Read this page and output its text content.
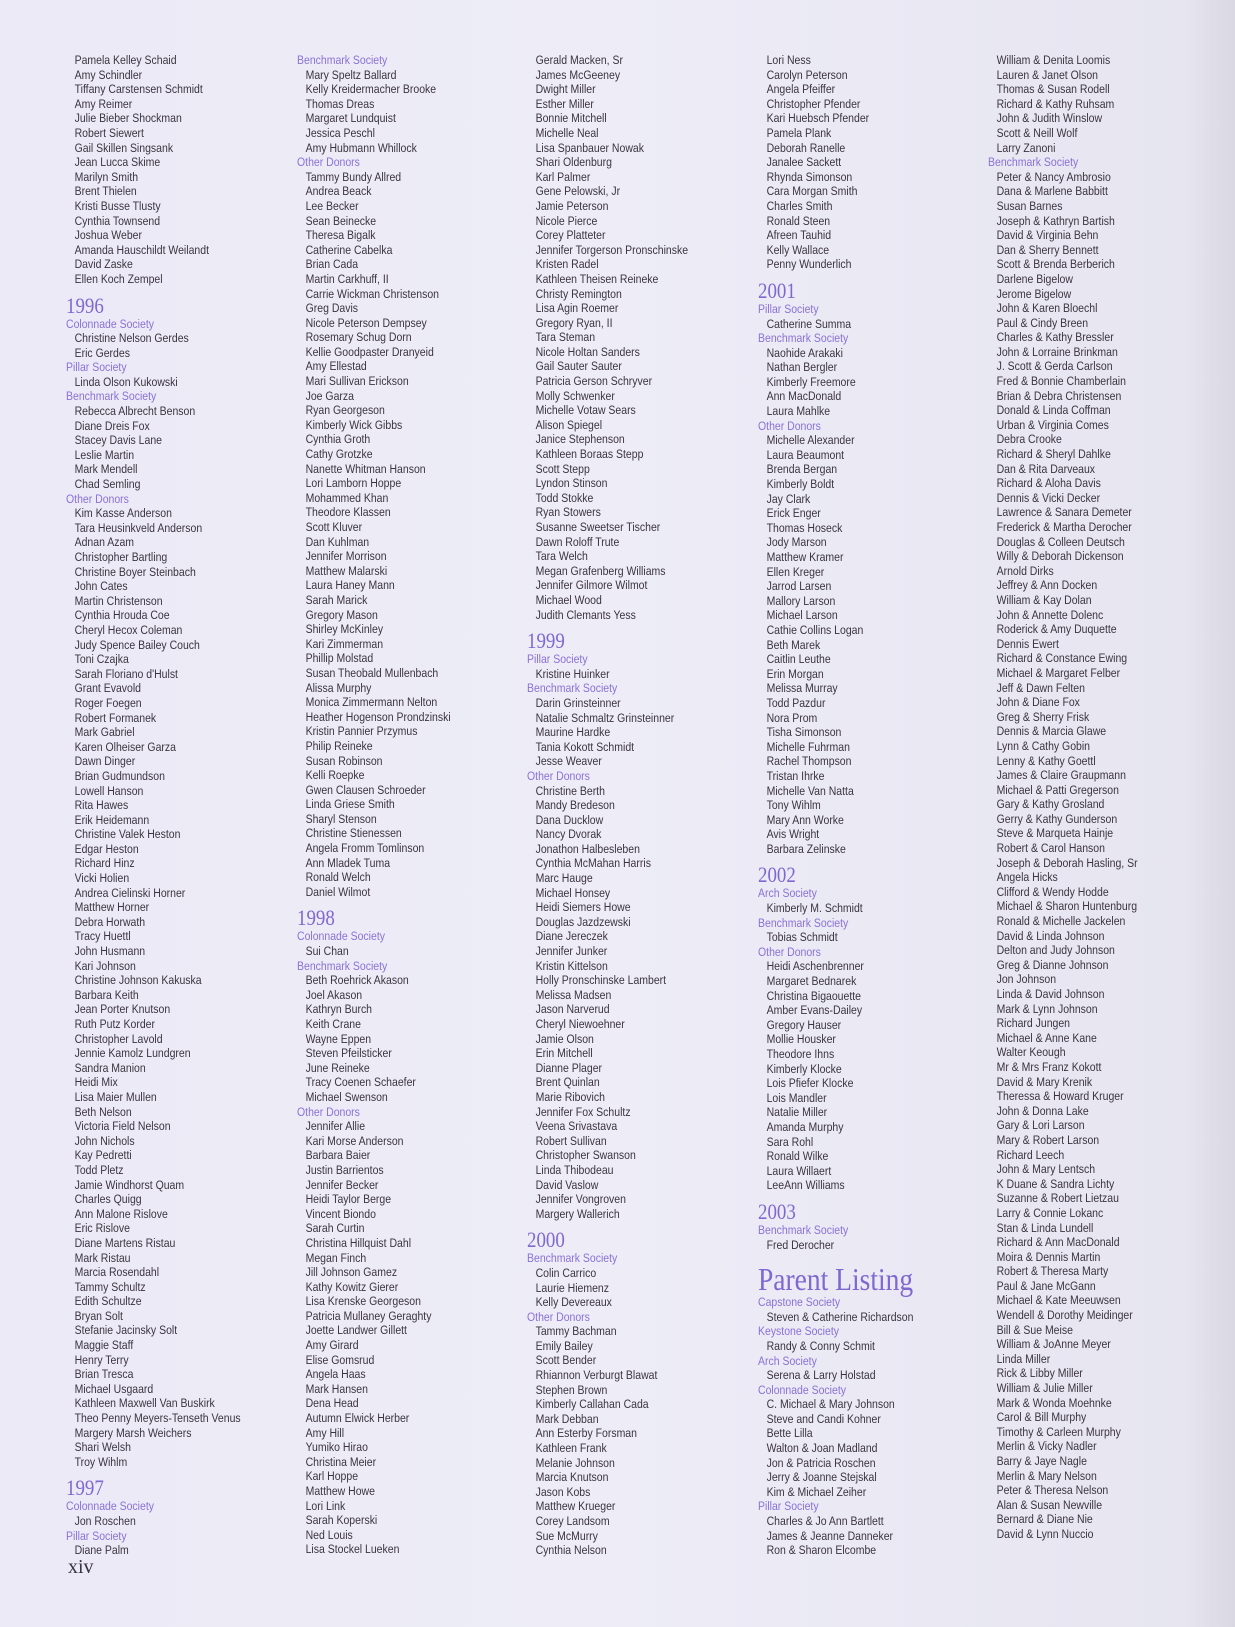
Pamela Kelley Schaid
Amy Schindler
Tiffany Carstensen Schmidt
Amy Reimer
Julie Bieber Shockman
Robert Siewert
Gail Skillen Singsank
Jean Lucca Skime
Marilyn Smith
Brent Thielen
Kristi Busse Tlusty
Cynthia Townsend
Joshua Weber
Amanda Hauschildt Weilandt
David Zaske
Ellen Koch Zempel
1996
Colonnade Society
Christine Nelson Gerdes
Eric Gerdes
Pillar Society
Linda Olson Kukowski
Benchmark Society
Rebecca Albrecht Benson
Diane Dreis Fox
Stacey Davis Lane
Leslie Martin
Mark Mendell
Chad Semling
Other Donors
Kim Kasse Anderson
Tara Heusinkveld Anderson
Adnan Azam
Christopher Bartling
Christine Boyer Steinbach
John Cates
Martin Christenson
Cynthia Hrouda Coe
Cheryl Hecox Coleman
Judy Spence Bailey Couch
Toni Czajka
Sarah Floriano d'Hulst
Grant Evavold
Roger Foegen
Robert Formanek
Mark Gabriel
Karen Olheiser Garza
Dawn Dinger
Brian Gudmundson
Lowell Hanson
Rita Hawes
Erik Heidemann
Christine Valek Heston
Edgar Heston
Richard Hinz
Vicki Holien
Andrea Cielinski Horner
Matthew Horner
Debra Horwath
Tracy Huettl
John Husmann
Kari Johnson
Christine Johnson Kakuska
Barbara Keith
Jean Porter Knutson
Ruth Putz Korder
Christopher Lavold
Jennie Kamolz Lundgren
Sandra Manion
Heidi Mix
Lisa Maier Mullen
Beth Nelson
Victoria Field Nelson
John Nichols
Kay Pedretti
Todd Pletz
Jamie Windhorst Quam
Charles Quigg
Ann Malone Rislove
Eric Rislove
Diane Martens Ristau
Mark Ristau
Marcia Rosendahl
Tammy Schultz
Edith Schultze
Bryan Solt
Stefanie Jacinsky Solt
Maggie Staff
Henry Terry
Brian Tresca
Michael Usgaard
Kathleen Maxwell Van Buskirk
Theo Penny Meyers-Tenseth Venus
Margery Marsh Weichers
Shari Welsh
Troy Wihlm
1997
Colonnade Society
Jon Roschen
Pillar Society
Diane Palm
Benchmark Society
Mary Speltz Ballard
Kelly Kreidermacher Brooke
Thomas Dreas
Margaret Lundquist
Jessica Peschl
Amy Hubmann Whillock
Other Donors
Tammy Bundy Allred
Andrea Beack
Lee Becker
Sean Beinecke
Theresa Bigalk
Catherine Cabelka
Brian Cada
Martin Carkhuff, II
Carrie Wickman Christenson
Greg Davis
Nicole Peterson Dempsey
Rosemary Schug Dorn
Kellie Goodpaster Dranyeid
Amy Ellestad
Mari Sullivan Erickson
Joe Garza
Ryan Georgeson
Kimberly Wick Gibbs
Cynthia Groth
Cathy Grotzke
Nanette Whitman Hanson
Lori Lamborn Hoppe
Mohammed Khan
Theodore Klassen
Scott Kluver
Dan Kuhlman
Jennifer Morrison
Matthew Malarski
Laura Haney Mann
Sarah Marick
Gregory Mason
Shirley McKinley
Kari Zimmerman
Phillip Molstad
Susan Theobald Mullenbach
Alissa Murphy
Monica Zimmermann Nelton
Heather Hogenson Prondzinski
Kristin Pannier Przymus
Philip Reineke
Susan Robinson
Kelli Roepke
Gwen Clausen Schroeder
Linda Griese Smith
Sharyl Stenson
Christine Stienessen
Angela Fromm Tomlinson
Ann Mladek Tuma
Ronald Welch
Daniel Wilmot
1998
Colonnade Society
Sui Chan
Benchmark Society
Beth Roehrick Akason
Joel Akason
Kathryn Burch
Keith Crane
Wayne Eppen
Steven Pfeilsticker
June Reineke
Tracy Coenen Schaefer
Michael Swenson
Other Donors
Jennifer Allie
Kari Morse Anderson
Barbara Baier
Justin Barrientos
Jennifer Becker
Heidi Taylor Berge
Vincent Biondo
Sarah Curtin
Christina Hillquist Dahl
Megan Finch
Jill Johnson Gamez
Kathy Kowitz Gierer
Lisa Krenske Georgeson
Patricia Mullaney Geraghty
Joette Landwer Gillett
Amy Girard
Elise Gomsrud
Angela Haas
Mark Hansen
Dena Head
Autumn Elwick Herber
Amy Hill
Yumiko Hirao
Christina Meier
Karl Hoppe
Matthew Howe
Lori Link
Sarah Koperski
Ned Louis
Lisa Stockel Lueken
Gerald Macken, Sr
James McGeeney
Dwight Miller
Esther Miller
Bonnie Mitchell
Michelle Neal
Lisa Spanbauer Nowak
Shari Oldenburg
Karl Palmer
Gene Pelowski, Jr
Jamie Peterson
Nicole Pierce
Corey Platteter
Jennifer Torgerson Pronschinske
Kristen Radel
Kathleen Theisen Reineke
Christy Remington
Lisa Agin Roemer
Gregory Ryan, II
Tara Steman
Nicole Holtan Sanders
Gail Sauter Sauter
Patricia Gerson Schryver
Molly Schwenker
Michelle Votaw Sears
Alison Spiegel
Janice Stephenson
Kathleen Boraas Stepp
Scott Stepp
Lyndon Stinson
Todd Stokke
Ryan Stowers
Susanne Sweetser Tischer
Dawn Roloff Trute
Tara Welch
Megan Grafenberg Williams
Jennifer Gilmore Wilmot
Michael Wood
Judith Clemants Yess
1999
Pillar Society
Kristine Huinker
Benchmark Society
Darin Grinsteinner
Natalie Schmaltz Grinsteinner
Maurine Hardke
Tania Kokott Schmidt
Jesse Weaver
Other Donors
Christine Berth
Mandy Bredeson
Dana Ducklow
Nancy Dvorak
Jonathon Halbesleben
Cynthia McMahan Harris
Marc Hauge
Michael Honsey
Heidi Siemers Howe
Douglas Jazdzewski
Diane Jereczek
Jennifer Junker
Kristin Kittelson
Holly Pronschinske Lambert
Melissa Madsen
Jason Narverud
Cheryl Niewoehner
Jamie Olson
Erin Mitchell
Dianne Plager
Brent Quinlan
Marie Ribovich
Jennifer Fox Schultz
Veena Srivastava
Robert Sullivan
Christopher Swanson
Linda Thibodeau
David Vaslow
Jennifer Vongroven
Margery Wallerich
2000
Benchmark Society
Colin Carrico
Laurie Hiemenz
Kelly Devereaux
Other Donors
Tammy Bachman
Emily Bailey
Scott Bender
Rhiannon Verburgt Blawat
Stephen Brown
Kimberly Callahan Cada
Mark Debban
Ann Esterby Forsman
Kathleen Frank
Melanie Johnson
Marcia Knutson
Jason Kobs
Matthew Krueger
Corey Landsom
Sue McMurry
Cynthia Nelson
Lori Ness
Carolyn Peterson
Angela Pfeiffer
Christopher Pfender
Kari Huebsch Pfender
Pamela Plank
Deborah Ranelle
Janalee Sackett
Rhynda Simonson
Cara Morgan Smith
Charles Smith
Ronald Steen
Afreen Tauhid
Kelly Wallace
Penny Wunderlich
2001
Pillar Society
Catherine Summa
Benchmark Society
Naohide Arakaki
Nathan Bergler
Kimberly Freemore
Ann MacDonald
Laura Mahlke
Other Donors
Michelle Alexander
Laura Beaumont
Brenda Bergan
Kimberly Boldt
Jay Clark
Erick Enger
Thomas Hoseck
Jody Marson
Matthew Kramer
Ellen Kreger
Jarrod Larsen
Mallory Larson
Michael Larson
Cathie Collins Logan
Beth Marek
Caitlin Leuthe
Erin Morgan
Melissa Murray
Todd Pazdur
Nora Prom
Tisha Simonson
Michelle Fuhrman
Rachel Thompson
Tristan Ihrke
Michelle Van Natta
Tony Wihlm
Mary Ann Worke
Avis Wright
Barbara Zelinske
2002
Arch Society
Kimberly M. Schmidt
Benchmark Society
Tobias Schmidt
Other Donors
Heidi Aschenbrenner
Margaret Bednarek
Christina Bigaouette
Amber Evans-Dailey
Gregory Hauser
Mollie Housker
Theodore Ihns
Kimberly Klocke
Lois Pfiefer Klocke
Lois Mandler
Natalie Miller
Amanda Murphy
Sara Rohl
Ronald Wilke
Laura Willaert
LeeAnn Williams
2003
Benchmark Society
Fred Derocher
Parent Listing
Capstone Society
Steven & Catherine Richardson
Keystone Society
Randy & Conny Schmit
Arch Society
Serena & Larry Holstad
Colonnade Society
C. Michael & Mary Johnson
Steve and Candi Kohner
Bette Lilla
Walton & Joan Madland
Jon & Patricia Roschen
Jerry & Joanne Stejskal
Kim & Michael Zeiher
Pillar Society
Charles & Jo Ann Bartlett
James & Jeanne Danneker
Ron & Sharon Elcombe
William & Denita Loomis
Lauren & Janet Olson
Thomas & Susan Rodell
Richard & Kathy Ruhsam
John & Judith Winslow
Scott & Neill Wolf
Larry Zanoni
Benchmark Society
Peter & Nancy Ambrosio
Dana & Marlene Babbitt
Susan Barnes
Joseph & Kathryn Bartish
David & Virginia Behn
Dan & Sherry Bennett
Scott & Brenda Berberich
Darlene Bigelow
Jerome Bigelow
John & Karen Bloechl
Paul & Cindy Breen
Charles & Kathy Bressler
John & Lorraine Brinkman
J. Scott & Gerda Carlson
Fred & Bonnie Chamberlain
Brian & Debra Christensen
Donald & Linda Coffman
Urban & Virginia Comes
Debra Crooke
Richard & Sheryl Dahlke
Dan & Rita Darveaux
Richard & Aloha Davis
Dennis & Vicki Decker
Lawrence & Sanara Demeter
Frederick & Martha Derocher
Douglas & Colleen Deutsch
Willy & Deborah Dickenson
Arnold Dirks
Jeffrey & Ann Docken
William & Kay Dolan
John & Annette Dolenc
Roderick & Amy Duquette
Dennis Ewert
Richard & Constance Ewing
Michael & Margaret Felber
Jeff & Dawn Felten
John & Diane Fox
Greg & Sherry Frisk
Dennis & Marcia Glawe
Lynn & Cathy Gobin
Lenny & Kathy Goettl
James & Claire Graupmann
Michael & Patti Gregerson
Gary & Kathy Grosland
Gerry & Kathy Gunderson
Steve & Marqueta Hainje
Robert & Carol Hanson
Joseph & Deborah Hasling, Sr
Angela Hicks
Clifford & Wendy Hodde
Michael & Sharon Huntenburg
Ronald & Michelle Jackelen
David & Linda Johnson
Delton and Judy Johnson
Greg & Dianne Johnson
Jon Johnson
Linda & David Johnson
Mark & Lynn Johnson
Richard Jungen
Michael & Anne Kane
Walter Keough
Mr & Mrs Franz Kokott
David & Mary Krenik
Theressa & Howard Kruger
John & Donna Lake
Gary & Lori Larson
Mary & Robert Larson
Richard Leech
John & Mary Lentsch
K Duane & Sandra Lichty
Suzanne & Robert Lietzau
Larry & Connie Lokanc
Stan & Linda Lundell
Richard & Ann MacDonald
Moira & Dennis Martin
Robert & Theresa Marty
Paul & Jane McGann
Michael & Kate Meeuwsen
Wendell & Dorothy Meidinger
Bill & Sue Meise
William & JoAnne Meyer
Linda Miller
Rick & Libby Miller
William & Julie Miller
Mark & Wonda Moehnke
Carol & Bill Murphy
Timothy & Carleen Murphy
Merlin & Vicky Nadler
Barry & Jaye Nagle
Merlin & Mary Nelson
Peter & Theresa Nelson
Alan & Susan Newville
Bernard & Diane Nie
David & Lynn Nuccio
xiv
